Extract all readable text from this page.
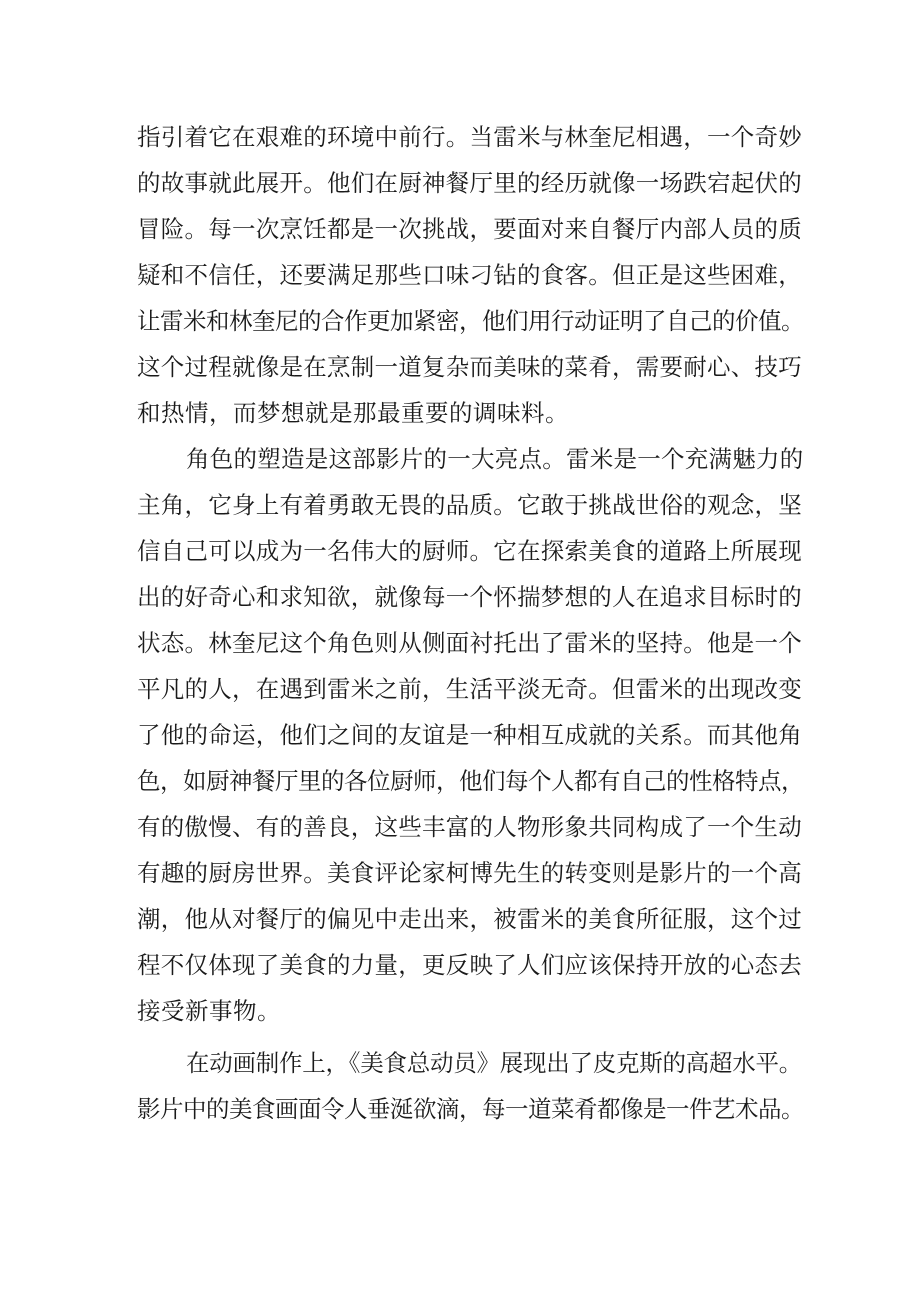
指引着它在艰难的环境中前行。当雷米与林奎尼相遇，一个奇妙
的故事就此展开。他们在厨神餐厅里的经历就像一场跌宕起伏的
冒险。每一次烹饪都是一次挑战，要面对来自餐厅内部人员的质
疑和不信任，还要满足那些口味刁钻的食客。但正是这些困难，
让雷米和林奎尼的合作更加紧密，他们用行动证明了自己的价值。
这个过程就像是在烹制一道复杂而美味的菜肴，需要耐心、技巧
和热情，而梦想就是那最重要的调味料。
角色的塑造是这部影片的一大亮点。雷米是一个充满魅力的
主角，它身上有着勇敢无畏的品质。它敢于挑战世俗的观念，坚
信自己可以成为一名伟大的厨师。它在探索美食的道路上所展现
出的好奇心和求知欲，就像每一个怀揣梦想的人在追求目标时的
状态。林奎尼这个角色则从侧面衬托出了雷米的坚持。他是一个
平凡的人，在遇到雷米之前，生活平淡无奇。但雷米的出现改变
了他的命运，他们之间的友谊是一种相互成就的关系。而其他角
色，如厨神餐厅里的各位厨师，他们每个人都有自己的性格特点，
有的傲慢、有的善良，这些丰富的人物形象共同构成了一个生动
有趣的厨房世界。美食评论家柯博先生的转变则是影片的一个高
潮，他从对餐厅的偏见中走出来，被雷米的美食所征服，这个过
程不仅体现了美食的力量，更反映了人们应该保持开放的心态去
接受新事物。
在动画制作上，《美食总动员》展现出了皮克斯的高超水平。
影片中的美食画面令人垂涎欲滴，每一道菜肴都像是一件艺术品。
